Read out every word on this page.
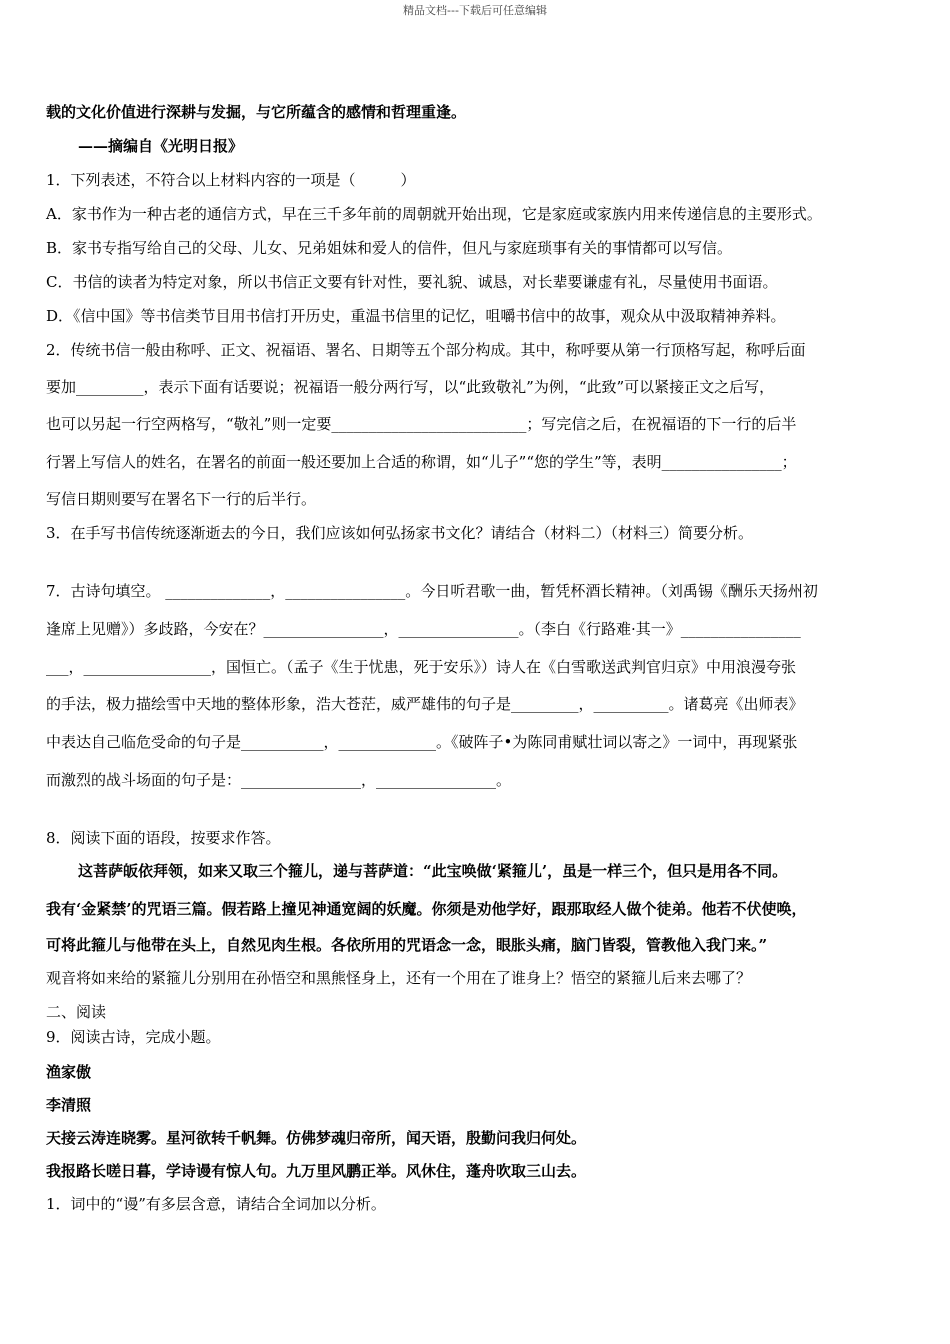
精品文档---下载后可任意编辑
载的文化价值进行深耕与发掘，与它所蕴含的感情和哲理重逢。
——摘编自《光明日报》
1．下列表述，不符合以上材料内容的一项是（　　　）
A．家书作为一种古老的通信方式，早在三千多年前的周朝就开始出现，它是家庭或家族内用来传递信息的主要形式。
B．家书专指写给自己的父母、儿女、兄弟姐妹和爱人的信件，但凡与家庭琐事有关的事情都可以写信。
C．书信的读者为特定对象，所以书信正文要有针对性，要礼貌、诚恳，对长辈要谦虚有礼，尽量使用书面语。
D．《信中国》等书信类节目用书信打开历史，重温书信里的记忆，咀嚼书信中的故事，观众从中汲取精神养料。
2．传统书信一般由称呼、正文、祝福语、署名、日期等五个部分构成。其中，称呼要从第一行顶格写起，称呼后面
要加_________，表示下面有话要说；祝福语一般分两行写，以“此致敬礼”为例，“此致”可以紧接正文之后写，
也可以另起一行空两格写，“敬礼”则一定要__________________________；写完信之后，在祝福语的下一行的后半
行署上写信人的姓名，在署名的前面一般还要加上合适的称谓，如“儿子”“您的学生”等，表明________________；
写信日期则要写在署名下一行的后半行。
3．在手写书信传统逐渐逝去的今日，我们应该如何弘扬家书文化？请结合（材料二）（材料三）简要分析。
7．古诗句填空。 ______________，________________。今日听君歌一曲，暂凭杯酒长精神。（刘禹锡《酬乐天扬州初
逢席上见赠》）多歧路，今安在？________________，________________。（李白《行路难·其一》________________
___，_________________，国恒亡。（孟子《生于忧患，死于安乐》）诗人在《白雪歌送武判官归京》中用浪漫夸张
的手法，极力描绘雪中天地的整体形象，浩大苍茫，威严雄伟的句子是_________，__________。诸葛亮《出师表》
中表达自己临危受命的句子是___________，_____________。《破阵子•为陈同甫赋壮词以寄之》一词中，再现紧张
而激烈的战斗场面的句子是：________________，________________。
8．阅读下面的语段，按要求作答。
这菩萨皈依拜领，如来又取三个箍儿，递与菩萨道：“此宝唤做‘紧箍儿’，虽是一样三个，但只是用各不同。
我有‘金紧禁’的咒语三篇。假若路上撞见神通宽阔的妖魔。你须是劝他学好，跟那取经人做个徒弟。他若不伏使唤，
可将此箍儿与他带在头上，自然见肉生根。各依所用的咒语念一念，眼胀头痛，脑门皆裂，管教他入我门来。”
观音将如来给的紧箍儿分别用在孙悟空和黑熊怪身上，还有一个用在了谁身上？悟空的紧箍儿后来去哪了？
二、阅读
9．阅读古诗，完成小题。
渔家傲
李清照
天接云涛连晓雾。星河欲转千帆舞。仿佛梦魂归帝所，闻天语，殷勤问我归何处。
我报路长嗟日暮，学诗谩有惊人句。九万里风鹏正举。风休住，蓬舟吹取三山去。
1．词中的“谩”有多层含意，请结合全词加以分析。
